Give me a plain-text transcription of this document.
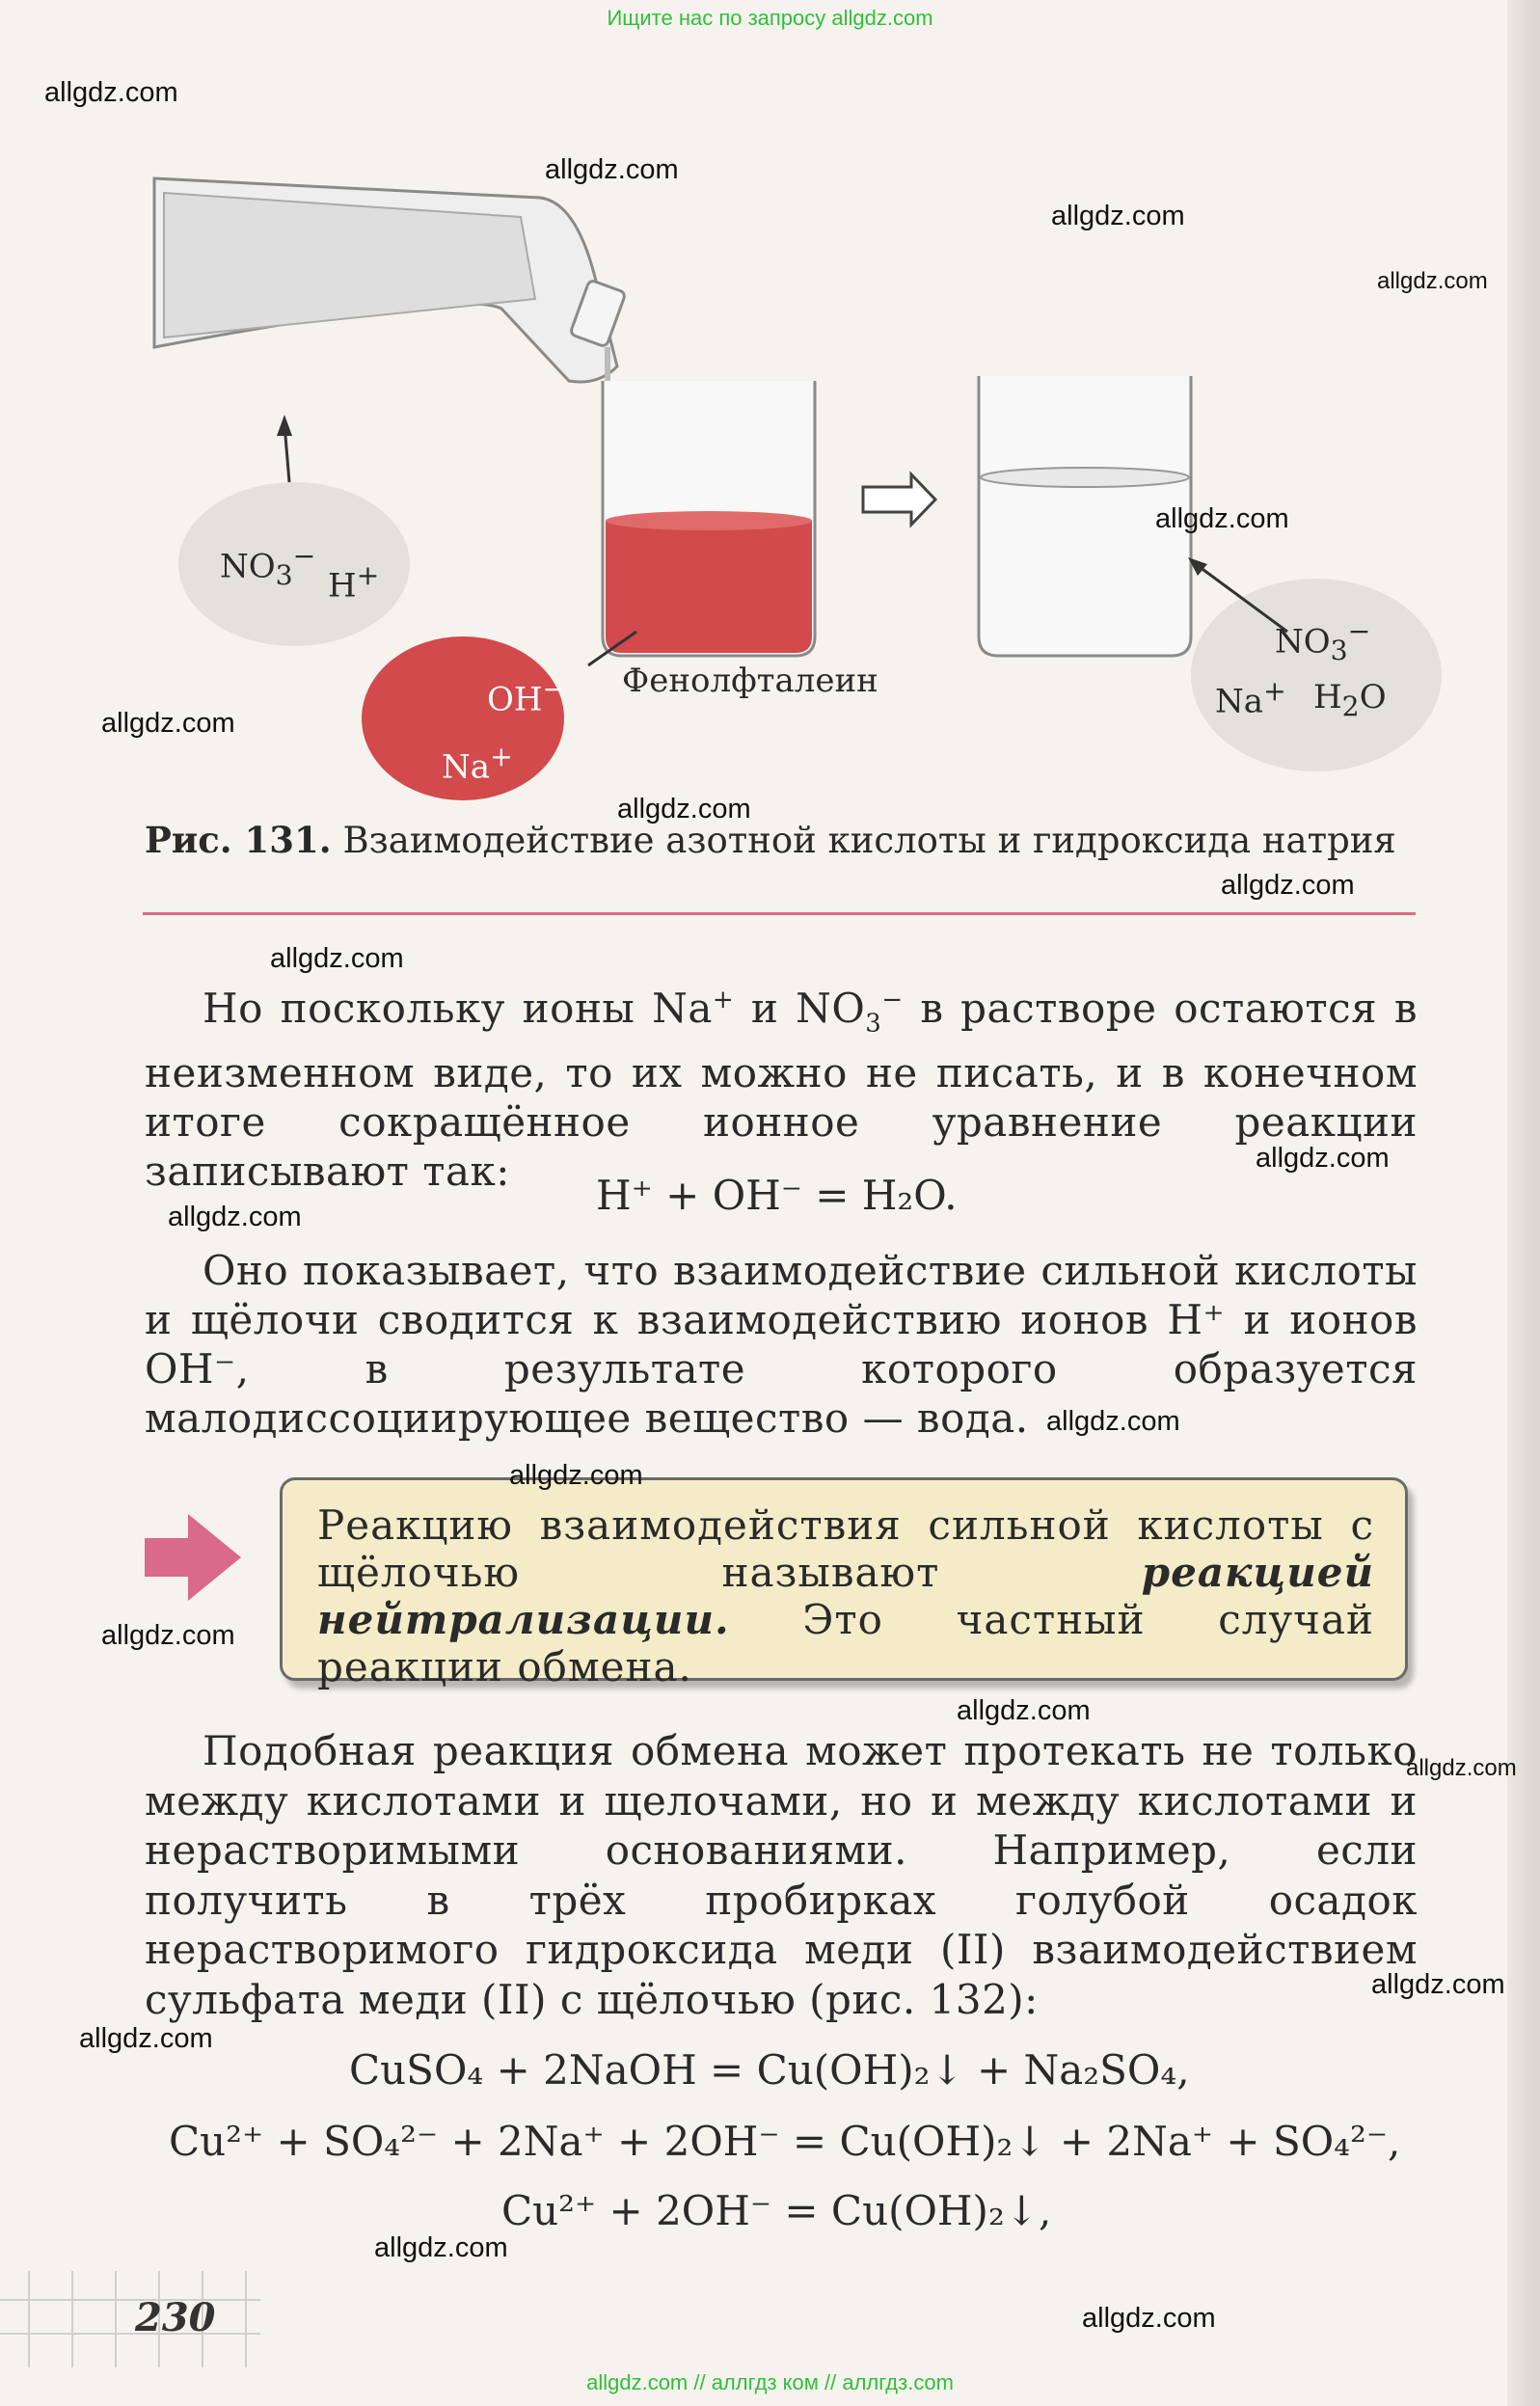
Ищите нас по запросу allgdz.com
$NO_3^-$
H+
OH−
Na+
Фенолфталеин
$NO_3^-$
Na+ $H_2O$
Рис. 131. Взаимодействие азотной кислоты и гидроксида натрия
Но поскольку ионы Na+ и $NO_3^-$ в растворе остаются в неизменном виде, то их можно не писать, и в конечном итоге сокращённое ионное уравнение реакции записывают так:
H⁺ + OH⁻ = H₂O.
Оно показывает, что взаимодействие сильной кислоты и щёлочи сводится к взаимодействию ионов H⁺ и ионов OH⁻, в результате которого образуется малодиссоциирующее вещество — вода.
Реакцию взаимодействия сильной кислоты с щёлочью называют	реакцией нейтрализации. Это частный случай реакции обмена.
Подобная реакция обмена может протекать не только между кислотами и щелочами, но и между кислотами и нерастворимыми основаниями. Например, если получить в трёх пробирках голубой осадок нерастворимого гидроксида меди (II) взаимодействием сульфата меди (II) с щёлочью (рис. 132):
CuSO₄ + 2NaOH = Cu(OH)₂↓ + Na₂SO₄,
Cu²⁺ + SO₄²⁻ + 2Na⁺ + 2OH⁻ = Cu(OH)₂↓ + 2Na⁺ + SO₄²⁻,
Cu²⁺ + 2OH⁻ = Cu(OH)₂↓,
230
allgdz.com
allgdz.com
allgdz.com
allgdz.com
allgdz.com
allgdz.com
allgdz.com
allgdz.com
allgdz.com
allgdz.com
allgdz.com
allgdz.com
allgdz.com
allgdz.com
allgdz.com
allgdz.com
allgdz.com
allgdz.com
allgdz.com
allgdz.com
allgdz.com // аллгдз ком // аллгдз.com
